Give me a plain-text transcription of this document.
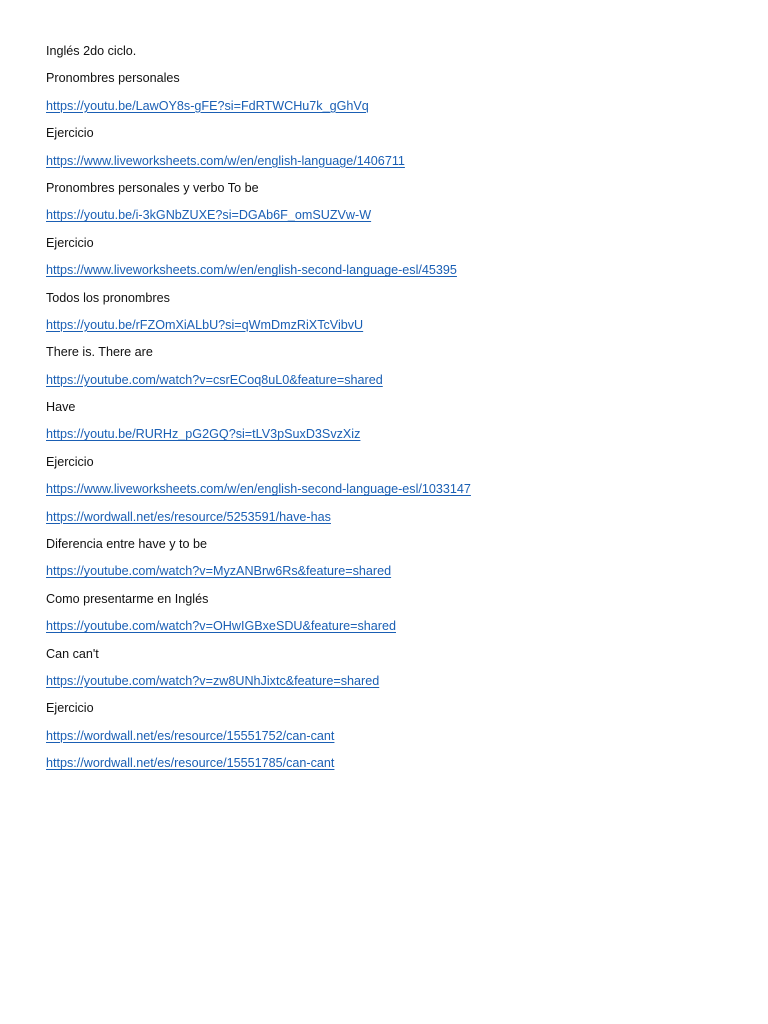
Inglés 2do ciclo.
Pronombres personales
https://youtu.be/LawOY8s-gFE?si=FdRTWCHu7k_gGhVq
Ejercicio
https://www.liveworksheets.com/w/en/english-language/1406711
Pronombres personales y verbo To be
https://youtu.be/i-3kGNbZUXE?si=DGAb6F_omSUZVw-W
Ejercicio
https://www.liveworksheets.com/w/en/english-second-language-esl/45395
Todos los pronombres
https://youtu.be/rFZOmXiALbU?si=qWmDmzRiXTcVibvU
There is. There are
https://youtube.com/watch?v=csrECoq8uL0&feature=shared
Have
https://youtu.be/RURHz_pG2GQ?si=tLV3pSuxD3SvzXiz
Ejercicio
https://www.liveworksheets.com/w/en/english-second-language-esl/1033147
https://wordwall.net/es/resource/5253591/have-has
Diferencia entre have y to be
https://youtube.com/watch?v=MyzANBrw6Rs&feature=shared
Como presentarme en Inglés
https://youtube.com/watch?v=OHwIGBxeSDU&feature=shared
Can can't
https://youtube.com/watch?v=zw8UNhJixtc&feature=shared
Ejercicio
https://wordwall.net/es/resource/15551752/can-cant
https://wordwall.net/es/resource/15551785/can-cant
